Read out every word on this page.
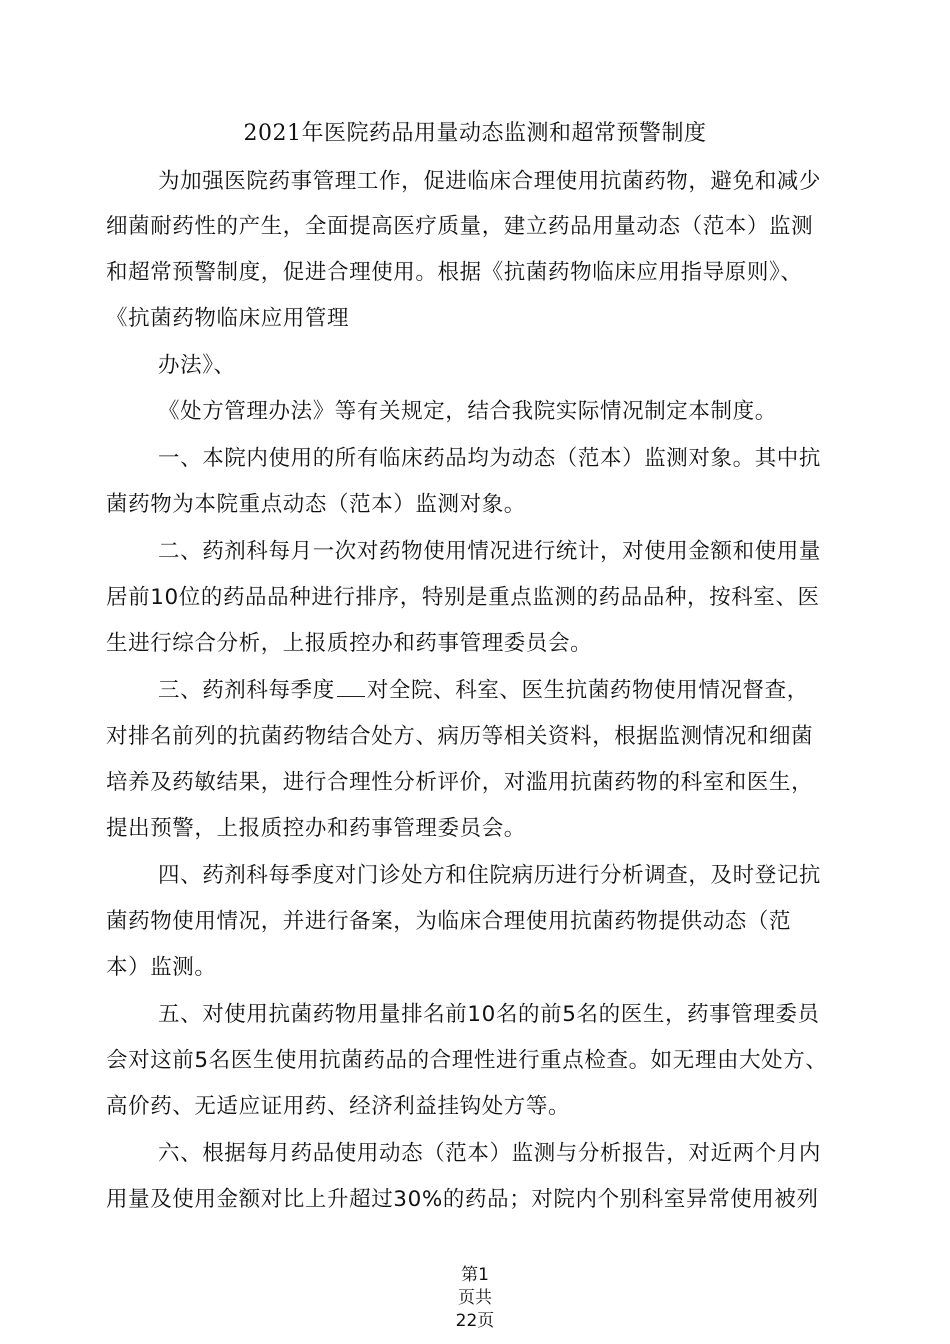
2021年医院药品用量动态监测和超常预警制度
为加强医院药事管理工作，促进临床合理使用抗菌药物，避免和减少
细菌耐药性的产生，全面提高医疗质量，建立药品用量动态（范本）监测
和超常预警制度，促进合理使用。根据《抗菌药物临床应用指导原则》、
《抗菌药物临床应用管理
办法》、
《处方管理办法》等有关规定，结合我院实际情况制定本制度。
一、本院内使用的所有临床药品均为动态（范本）监测对象。其中抗
菌药物为本院重点动态（范本）监测对象。
二、药剂科每月一次对药物使用情况进行统计，对使用金额和使用量
居前10位的药品品种进行排序，特别是重点监测的药品品种，按科室、医
生进行综合分析，上报质控办和药事管理委员会。
三、药剂科每季度 对全院、科室、医生抗菌药物使用情况督查，
对排名前列的抗菌药物结合处方、病历等相关资料，根据监测情况和细菌
培养及药敏结果，进行合理性分析评价，对滥用抗菌药物的科室和医生，
提出预警，上报质控办和药事管理委员会。
四、药剂科每季度对门诊处方和住院病历进行分析调查，及时登记抗
菌药物使用情况，并进行备案，为临床合理使用抗菌药物提供动态（范
本）监测。
五、对使用抗菌药物用量排名前10名的前5名的医生，药事管理委员
会对这前5名医生使用抗菌药品的合理性进行重点检查。如无理由大处方、
高价药、无适应证用药、经济利益挂钩处方等。
六、根据每月药品使用动态（范本）监测与分析报告，对近两个月内
用量及使用金额对比上升超过30%的药品；对院内个别科室异常使用被列
第1
页共
22页
